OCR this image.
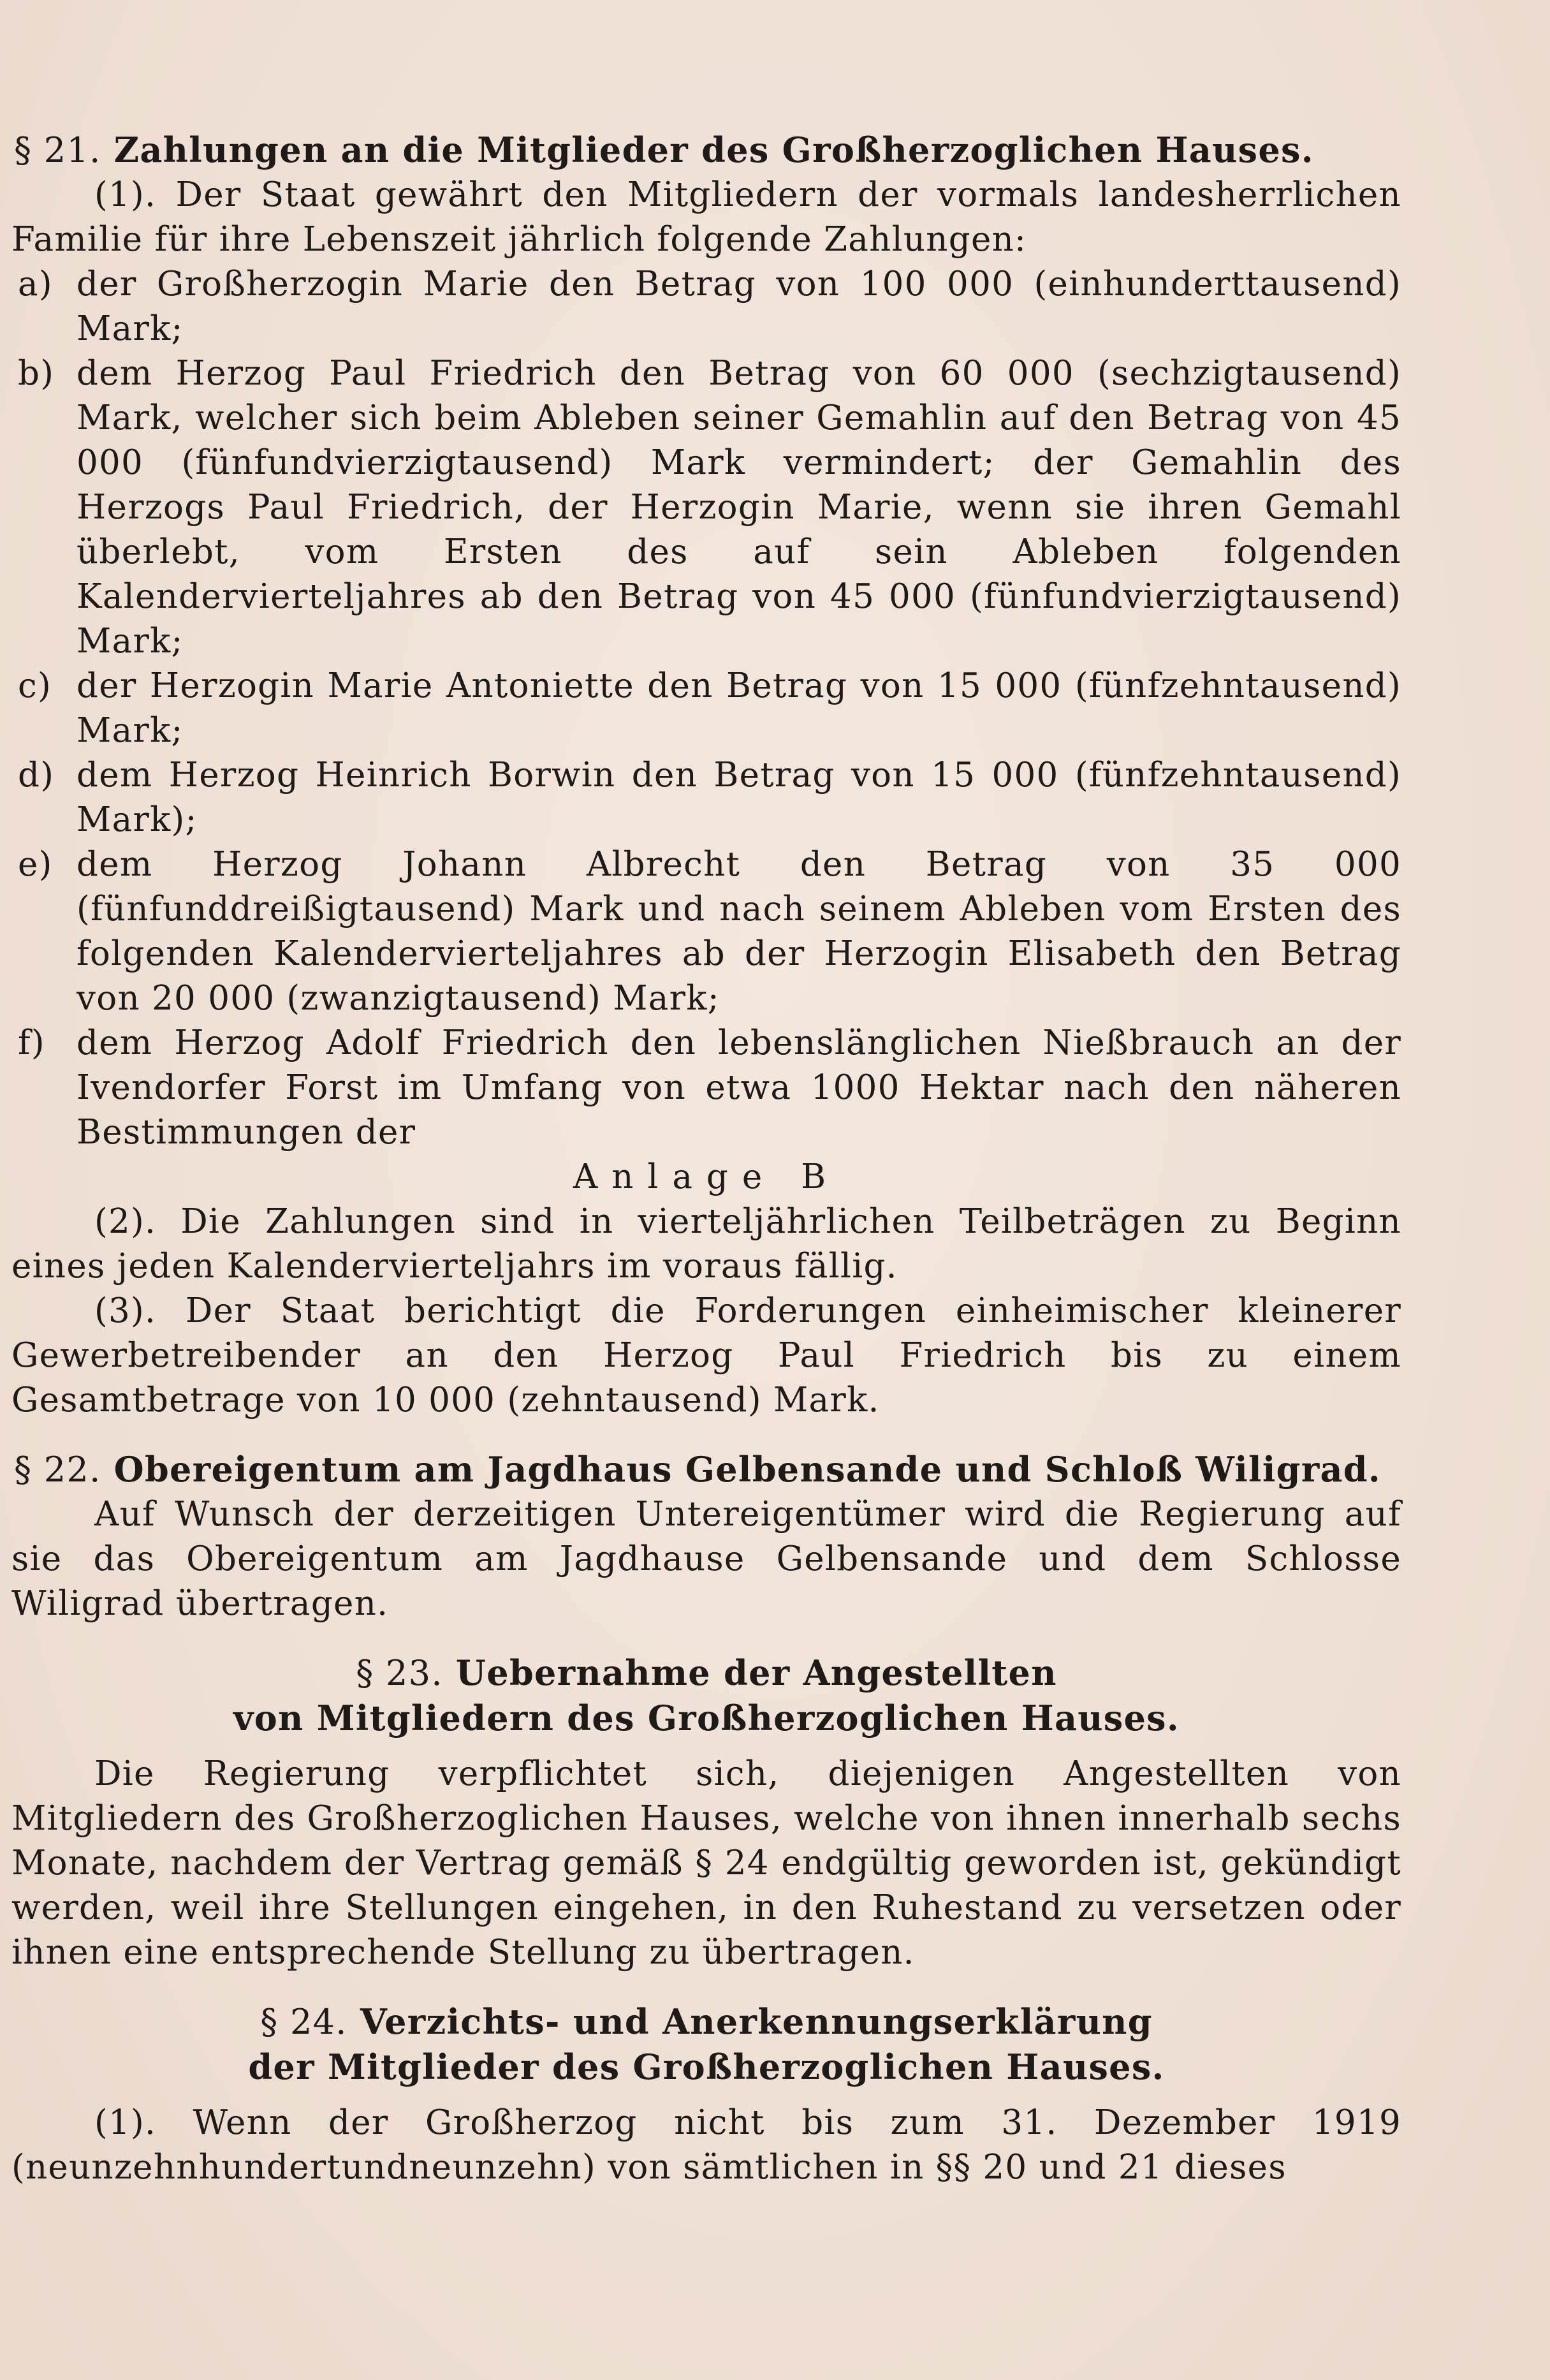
§ 21. Zahlungen an die Mitglieder des Großherzoglichen Hauses.

(1). Der Staat gewährt den Mitgliedern der vormals landesherrlichen Familie für ihre Lebenszeit jährlich folgende Zahlungen:

a) der Großherzogin Marie den Betrag von 100 000 (einhunderttausend) Mark;
b) dem Herzog Paul Friedrich den Betrag von 60 000 (sechzigtausend) Mark, welcher sich beim Ableben seiner Gemahlin auf den Betrag von 45 000 (fünfundvierzigtausend) Mark vermindert; der Gemahlin des Herzogs Paul Friedrich, der Herzogin Marie, wenn sie ihren Gemahl überlebt, vom Ersten des auf sein Ableben folgenden Kalendervierteljahres ab den Betrag von 45 000 (fünfundvierzigtausend) Mark;
c) der Herzogin Marie Antoniette den Betrag von 15 000 (fünfzehntausend) Mark;
d) dem Herzog Heinrich Borwin den Betrag von 15 000 (fünfzehntausend) Mark);
e) dem Herzog Johann Albrecht den Betrag von 35 000 (fünfunddreißigtausend) Mark und nach seinem Ableben vom Ersten des folgenden Kalendervierteljahres ab der Herzogin Elisabeth den Betrag von 20 000 (zwanzigtausend) Mark;
f) dem Herzog Adolf Friedrich den lebenslänglichen Nießbrauch an der Ivendorfer Forst im Umfang von etwa 1000 Hektar nach den näheren Bestimmungen der

Anlage B

(2). Die Zahlungen sind in vierteljährlichen Teilbeträgen zu Beginn eines jeden Kalendervierteljahrs im voraus fällig.

(3). Der Staat berichtigt die Forderungen einheimischer kleinerer Gewerbetreibender an den Herzog Paul Friedrich bis zu einem Gesamtbetrage von 10 000 (zehntausend) Mark.

§ 22. Obereigentum am Jagdhaus Gelbensande und Schloß Wiligrad.

Auf Wunsch der derzeitigen Untereigentümer wird die Regierung auf sie das Obereigentum am Jagdhause Gelbensande und dem Schlosse Wiligrad übertragen.

§ 23. Uebernahme der Angestellten

von Mitgliedern des Großherzoglichen Hauses.

Die Regierung verpflichtet sich, diejenigen Angestellten von Mitgliedern des Großherzoglichen Hauses, welche von ihnen innerhalb sechs Monate, nachdem der Vertrag gemäß § 24 endgültig geworden ist, gekündigt werden, weil ihre Stellungen eingehen, in den Ruhestand zu versetzen oder ihnen eine entsprechende Stellung zu übertragen.

§ 24. Verzichts- und Anerkennungserklärung

der Mitglieder des Großherzoglichen Hauses.

(1). Wenn der Großherzog nicht bis zum 31. Dezember 1919 (neunzehnhundertundneunzehn) von sämtlichen in §§ 20 und 21 dieses
